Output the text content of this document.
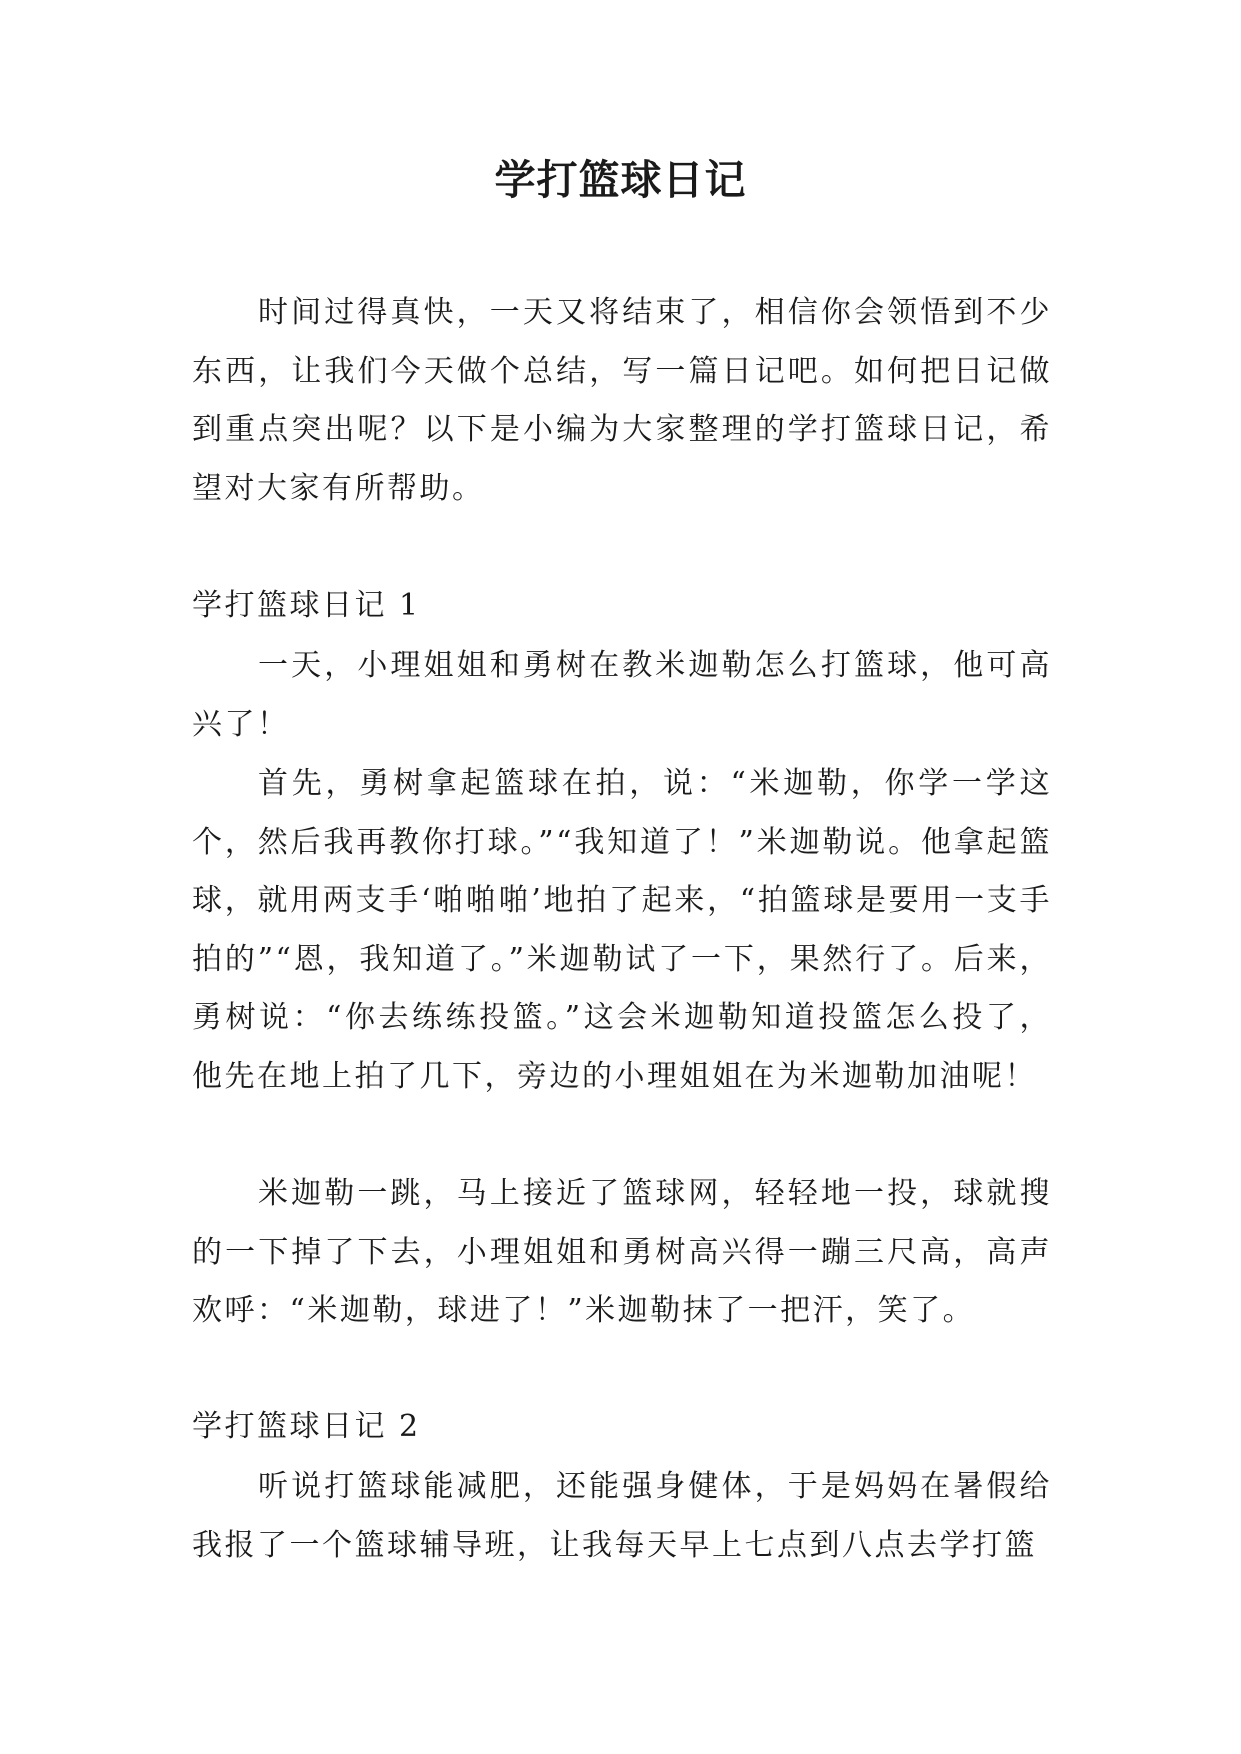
学打篮球日记

时间过得真快，一天又将结束了，相信你会领悟到不少东西，让我们今天做个总结，写一篇日记吧。如何把日记做到重点突出呢？以下是小编为大家整理的学打篮球日记，希望对大家有所帮助。

学打篮球日记 1

一天，小理姐姐和勇树在教米迦勒怎么打篮球，他可高兴了！

首先，勇树拿起篮球在拍，说：“米迦勒，你学一学这个，然后我再教你打球。”“我知道了！”米迦勒说。他拿起篮球，就用两支手‘啪啪啪’地拍了起来，“拍篮球是要用一支手拍的”“恩，我知道了。”米迦勒试了一下，果然行了。后来，勇树说：“你去练练投篮。”这会米迦勒知道投篮怎么投了，他先在地上拍了几下，旁边的小理姐姐在为米迦勒加油呢！

米迦勒一跳，马上接近了篮球网，轻轻地一投，球就搜的一下掉了下去，小理姐姐和勇树高兴得一蹦三尺高，高声欢呼：“米迦勒，球进了！”米迦勒抹了一把汗，笑了。

学打篮球日记 2

听说打篮球能减肥，还能强身健体，于是妈妈在暑假给我报了一个篮球辅导班，让我每天早上七点到八点去学打篮
